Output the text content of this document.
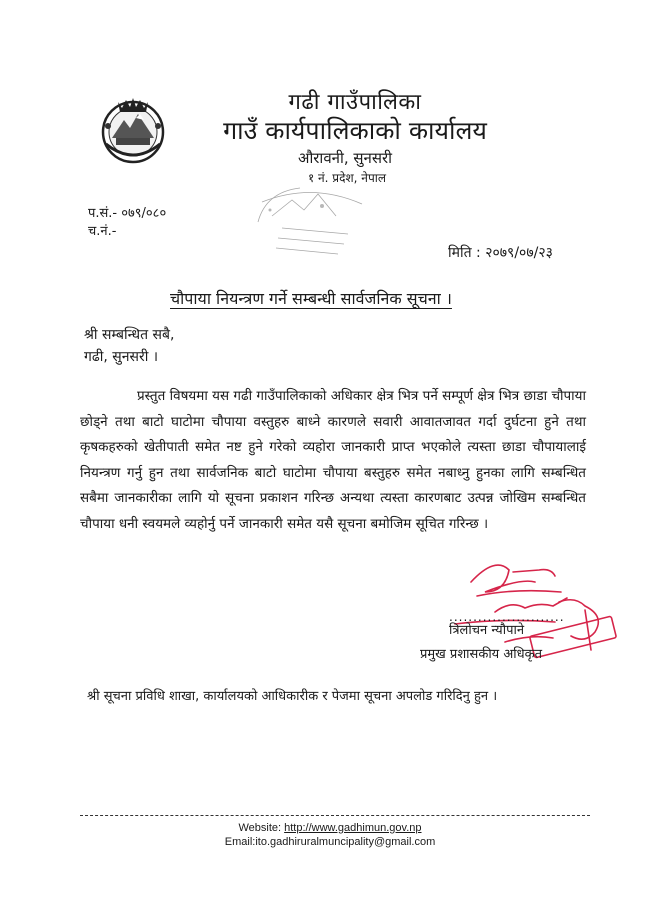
गढी गाउँपालिका
गाउँ कार्यपालिकाको कार्यालय
औरावनी, सुनसरी
१ नं. प्रदेश, नेपाल
प.सं.- ०७९/०८०
च.नं.-
मिति : २०७९/०७/२३
चौपाया नियन्त्रण गर्ने सम्बन्धी सार्वजनिक सूचना ।
श्री सम्बन्धित सबै,
गढी, सुनसरी ।

प्रस्तुत विषयमा यस गढी गाउँपालिकाको अधिकार क्षेत्र भित्र पर्ने सम्पूर्ण क्षेत्र भित्र छाडा चौपाया छोड्ने तथा बाटो घाटोमा चौपाया वस्तुहरु बाध्ने कारणले सवारी आवातजावत गर्दा दुर्घटना हुने तथा कृषकहरुको खेतीपाती समेत नष्ट हुने गरेको व्यहोरा जानकारी प्राप्त भएकोले त्यस्ता छाडा चौपायालाई नियन्त्रण गर्नु हुन तथा सार्वजनिक बाटो घाटोमा चौपाया बस्तुहरु समेत नबाध्नु हुनका लागि सम्बन्धित सबैमा जानकारीका लागि यो सूचना प्रकाशन गरिन्छ अन्यथा त्यस्ता कारणबाट उत्पन्न जोखिम सम्बन्धित चौपाया धनी स्वयमले व्यहोर्नु पर्ने जानकारी समेत यसै सूचना बमोजिम सूचित गरिन्छ ।

........................
त्रिलोचन न्यौपाने
प्रमुख प्रशासकीय अधिकृत
श्री सूचना प्रविधि शाखा, कार्यालयको आधिकारीक र पेजमा सूचना अपलोड गरिदिनु हुन ।
Website: http://www.gadhimun.gov.np
Email:ito.gadhiruralmuncipality@gmail.com
